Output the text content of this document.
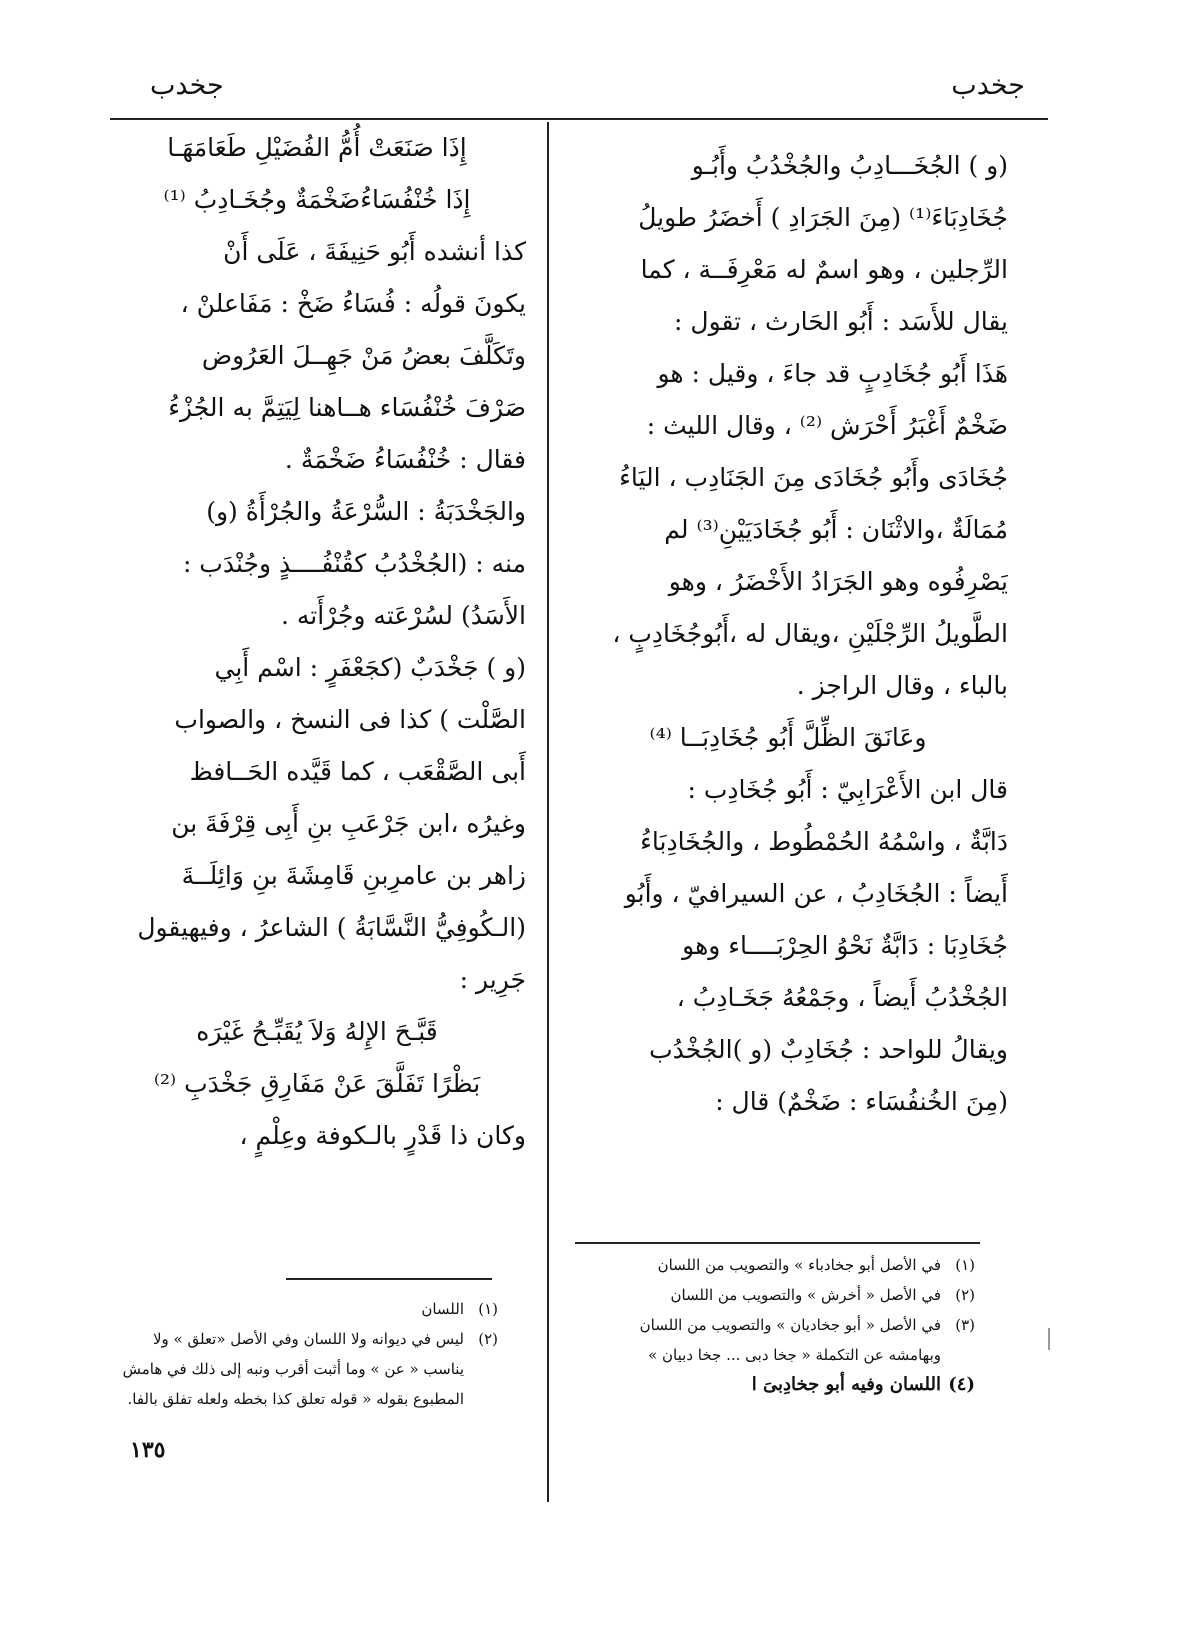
جخدب
جخدب
(و ) الجُخَـــادِبُ والجُخْدُبُ وأَبُـو
جُخَادِبَاءَ⁽¹⁾ (مِنَ الجَرَادِ ) أَخضَرُ طويلُ
الرِّجلين ، وهو اسمٌ له مَعْرِفَــة ، كما
يقال للأَسَد : أَبُو الحَارث ، تقول :
هَذَا أَبُو جُخَادِبٍ قد جاءَ ، وقيل : هو
ضَخْمٌ أَغْبَرُ أَحْرَش ⁽²⁾ ، وقال الليث :
جُخَادَى وأَبُو جُخَادَى مِنَ الجَنَادِب ، اليَاءُ
مُمَالَةٌ ،والاثْنَان : أَبُو جُخَادَيَيْنِ⁽³⁾ لم
يَصْرِفُوه وهو الجَرَادُ الأَخْضَرُ ، وهو
الطَّويلُ الرِّجْلَيْنِ ،ويقال له ،أَبُوجُخَادِبٍ ،
بالباء ، وقال الراجز .
وعَانَقَ الظِّلَّ أَبُو جُخَادِبَــا ⁽⁴⁾
قال ابن الأَعْرَابِيّ : أَبُو جُخَادِب :
دَابَّةٌ ، واسْمُهُ الحُمْطُوط ، والجُخَادِبَاءُ
أَيضاً : الجُخَادِبُ ، عن السيرافيّ ، وأَبُو
جُخَادِبَا : دَابَّةٌ نَحْوُ الحِرْبَــــاء وهو
الجُخْدُبُ أَيضاً ، وجَمْعُهُ جَخَـادِبُ ،
ويقالُ للواحد : جُخَادِبٌ (و )الجُخْدُب
(مِنَ الخُنفُسَاء : ضَخْمٌ) قال :
إِذَا صَنَعَتْ أُمُّ الفُضَيْلِ طَعَامَهَـا
إِذَا خُنْفُسَاءُضَخْمَةٌ وجُخَـادِبُ ⁽¹⁾
كذا أنشده أَبُو حَنِيفَةَ ، عَلَى أَنْ
يكونَ قولُه : فُسَاءُ ضَخْ : مَفَاعلنْ ،
وتَكَلَّفَ بعضُ مَنْ جَهِــلَ العَرُوض
صَرْفَ خُنْفُسَاء هــاهنا لِيَتِمَّ به الجُزْءُ
فقال : خُنْفُسَاءُ ضَخْمَةٌ .
والجَخْدَبَةُ : السُّرْعَةُ والجُرْأَةُ (و)
منه : (الجُخْدُبُ كقُنْفُــــذٍ وجُنْدَب :
الأَسَدُ) لسُرْعَته وجُرْأَته .
(و ) جَخْدَبٌ (كجَعْفَرٍ : اسْم أَبِي
الصَّلْت ) كذا فى النسخ ، والصواب
أَبى الصَّقْعَب ، كما قَيَّده الحَــافظ
وغيرُه ،ابن جَرْعَبِ بنِ أَبِى قِرْفَةَ بن
زاهر بن عامرِبنِ قَامِشَةَ بنِ وَائِلَــةَ
(الـكُوفِيُّ النَّسَّابَةُ ) الشاعرُ ، وفيهيقول
جَرِير :
قَبَّـحَ الإِلهُ وَلاَ يُقَبِّـحُ غَيْرَه
بَظْرًا تَفَلَّقَ عَنْ مَفَارِقِ جَخْدَبِ ⁽²⁾
وكان ذا قَدْرٍ بالـكوفة وعِلْمٍ ،
(١)في الأصل أبو جخادباء » والتصويب من اللسان
(٢)في الأصل « أخرش » والتصويب من اللسان
(٣)في الأصل « أبو جخاديان » والتصويب من اللسان
وبهامشه عن التكملة « جخا دبى ... جخا دبيان »
(٤)اللسان وفيه أبو جخادِبىَ ا
(١)اللسان
(٢)ليس في ديوانه ولا اللسان وفي الأصل «تعلق » ولا
يناسب « عن » وما أثبت أقرب ونبه إلى ذلك في هامش
المطبوع بقوله « قوله تعلق كذا بخطه ولعله تفلق بالفا.
١٣٥
